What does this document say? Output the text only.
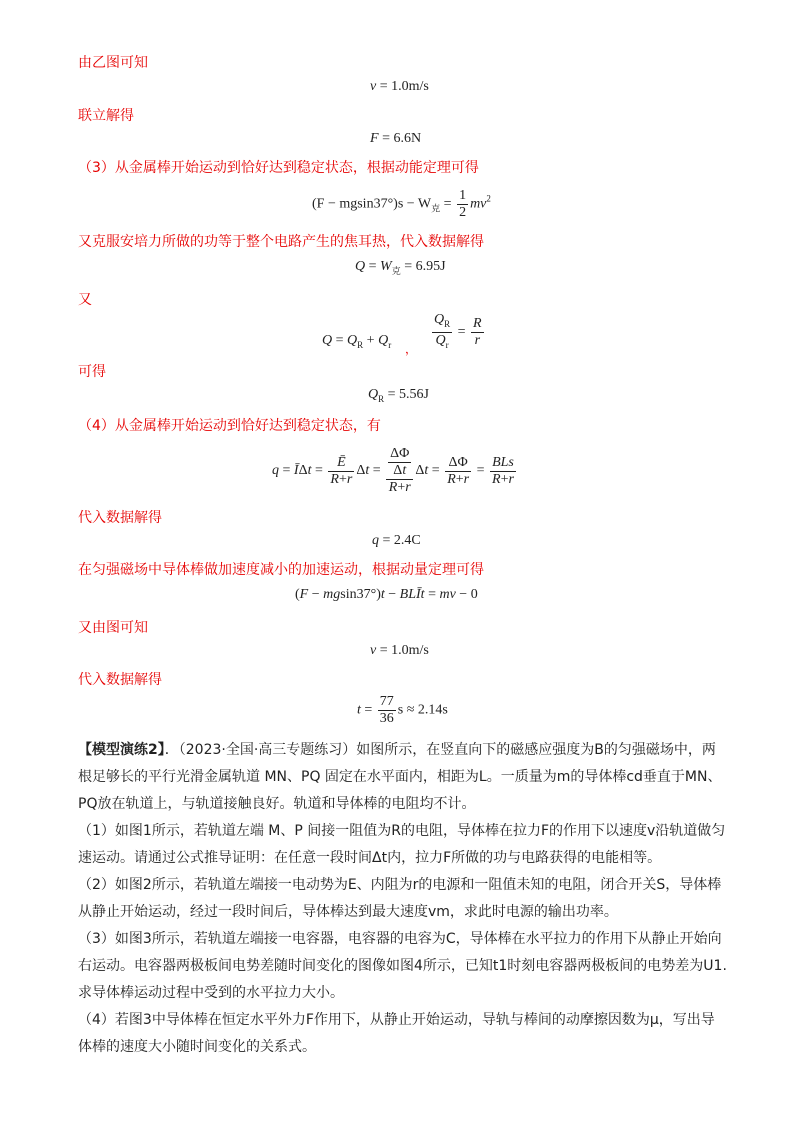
由乙图可知
v = 1.0m/s
联立解得
F = 6.6N
（3）从金属棒开始运动到恰好达到稳定状态，根据动能定理可得
$(F - mgsin37^\circ)s - W_克 = \frac{1}{2} mv^2$
又克服安培力所做的功等于整个电路产生的焦耳热，代入数据解得
$Q = W_克 = 6.95J$
又
$Q = Q_R + Q_r$ ， $\frac{Q_R}{Q_r} = \frac{R}{r}$
可得
$Q_R = 5.56J$
（4）从金属棒开始运动到恰好达到稳定状态，有
q = ĪΔt = $\frac{Ē}{R+r}$ $\Delta t = \frac{\frac{\Delta\Phi}{\Delta t}}{R+r}$ $\Delta t = \frac{\Delta\Phi}{R+r} = \frac{\text{BLs}}{R+r}$
代入数据解得
q = 2.4C
在匀强磁场中导体棒做加速度减小的加速运动，根据动量定理可得
(F − mgsin37°)t − BLĪt = mv − 0
又由图可知
v = 1.0m/s
代入数据解得
$t = \frac{77}{36}$ s ≈ 2.14s
【模型演练2】．（2023·全国·高三专题练习）如图所示，在竖直向下的磁感应强度为B的匀强磁场中，两根足够长的平行光滑金属轨道 MN、PQ 固定在水平面内，相距为L。一质量为m的导体棒cd垂直于MN、PQ放在轨道上，与轨道接触良好。轨道和导体棒的电阻均不计。
（1）如图1所示，若轨道左端 M、P 间接一阻值为R的电阻，导体棒在拉力F的作用下以速度v沿轨道做匀速运动。请通过公式推导证明：在任意一段时间Δt内，拉力F所做的功与电路获得的电能相等。
（2）如图2所示，若轨道左端接一电动势为E、内阻为r的电源和一阻值未知的电阻，闭合开关S，导体棒从静止开始运动，经过一段时间后，导体棒达到最大速度vm，求此时电源的输出功率。
（3）如图3所示，若轨道左端接一电容器，电容器的电容为C，导体棒在水平拉力的作用下从静止开始向右运动。电容器两极板间电势差随时间变化的图像如图4所示，已知t1时刻电容器两极板间的电势差为U1.求导体棒运动过程中受到的水平拉力大小。
（4）若图3中导体棒在恒定水平外力F作用下，从静止开始运动，导轨与棒间的动摩擦因数为μ，写出导体棒的速度大小随时间变化的关系式。
